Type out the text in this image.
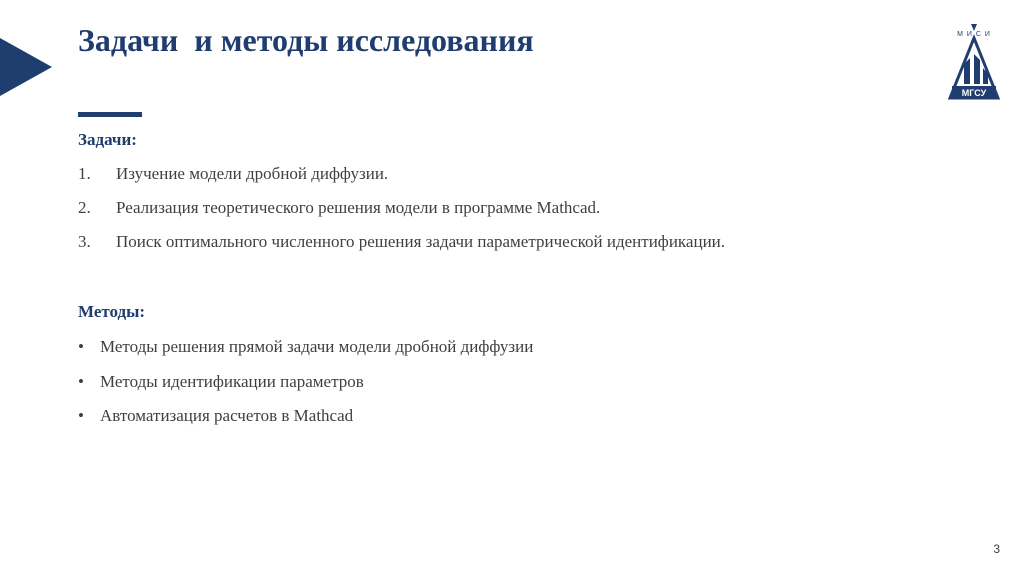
Задачи  и методы исследования	М И С И
МГСУ
Задачи:
1. Изучение модели дробной диффузии.
2. Реализация теоретического решения модели в программе Mathcad.
3. Поиск оптимального численного решения задачи параметрической идентификации.
Методы:
• Методы решения прямой задачи модели дробной диффузии
• Методы идентификации параметров
• Автоматизация расчетов в Mathcad
3
